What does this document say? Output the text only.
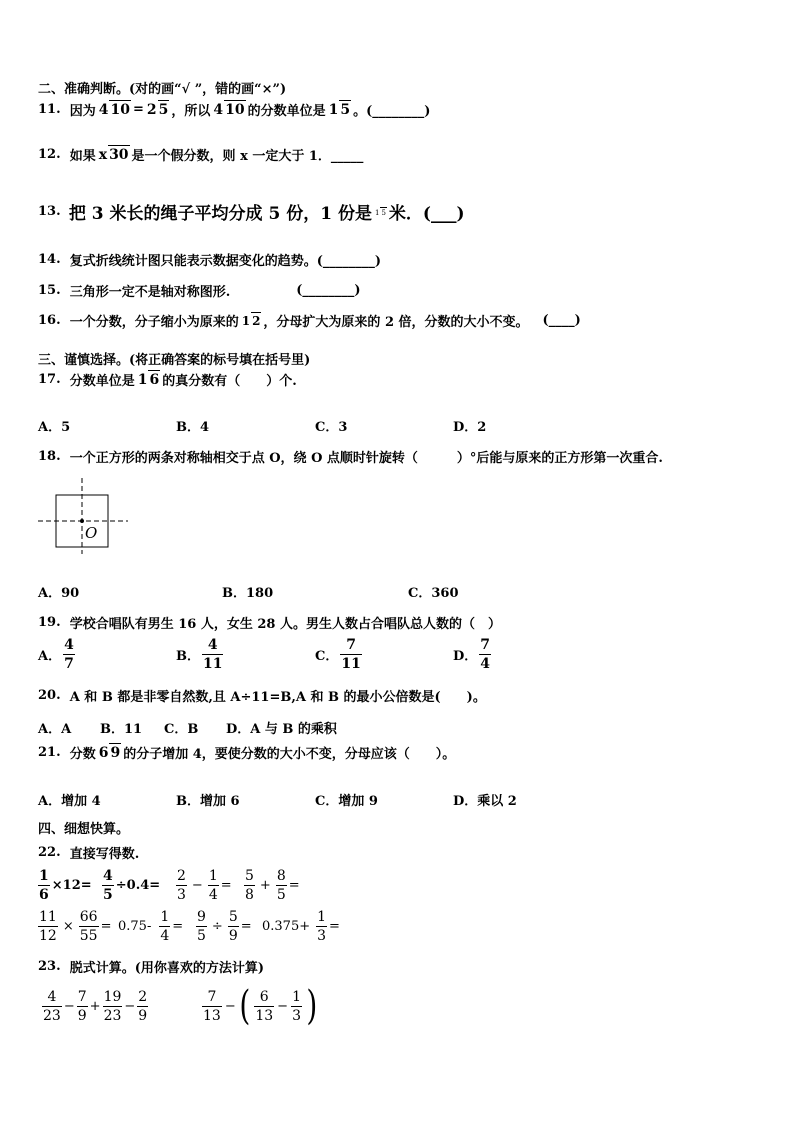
二、准确判断。(对的画“√ ”，错的画“×”)
11.
因为 4 10 = 2 5 ，所以 4 10 的分数单位是 1 5 。(________)
12.
如果 x 30 是一个假分数，则 x 一定大于 1．_____
13.
把 3 米长的绳子平均分成 5 份，1 份是 1 5 米．(___)
14.
复式折线统计图只能表示数据变化的趋势。(________)
15.
三角形一定不是轴对称图形.	(________)
16.
一个分数，分子缩小为原来的 1 2 ，分母扩大为原来的 2 倍，分数的大小不变。 (____)
三、谨慎选择。(将正确答案的标号填在括号里)
17.
分数单位是 1 6 的真分数有（　　）个.
A．5	B．4	C．3	D．2
18.
一个正方形的两条对称轴相交于点 O，绕 O 点顺时针旋转（　　　）°后能与原来的正方形第一次重合.
O
A．90	B．180	C．360
19.
学校合唱队有男生 16 人，女生 28 人。男生人数占合唱队总人数的（　）
A． $\frac{4}{7}$	B． $\frac{4}{11}$	C． $\frac{7}{11}$	D． $\frac{7}{4}$
20.
A 和 B 都是非零自然数,且 A÷11=B,A 和 B 的最小公倍数是(　　)。
A．A B．11 C．B D．A 与 B 的乘积
21.
分数 6 9 的分子增加 4，要使分数的大小不变，分母应该（　　）。
A．增加 4	B．增加 6	C．增加 9	D．乘以 2
四、细想快算。
22.
直接写得数.
$\frac{1}{6} \times 12= \frac{4}{5} \div 0.4= \frac{2}{3} - \frac{1}{4} = \frac{5}{8} + \frac{8}{5}$ =
$\frac{11}{12} \times \frac{66}{55} = 0.75- \frac{1}{4} = \frac{9}{5} \div \frac{5}{9} = 0.375+ \frac{1}{3}$ =
23.
脱式计算。(用你喜欢的方法计算)
$\frac{4}{23} - \frac{7}{9} + \frac{19}{23} - \frac{2}{9}$	$\frac{7}{13}$ − ( $\frac{6}{13} - \frac{1}{3}$ )
